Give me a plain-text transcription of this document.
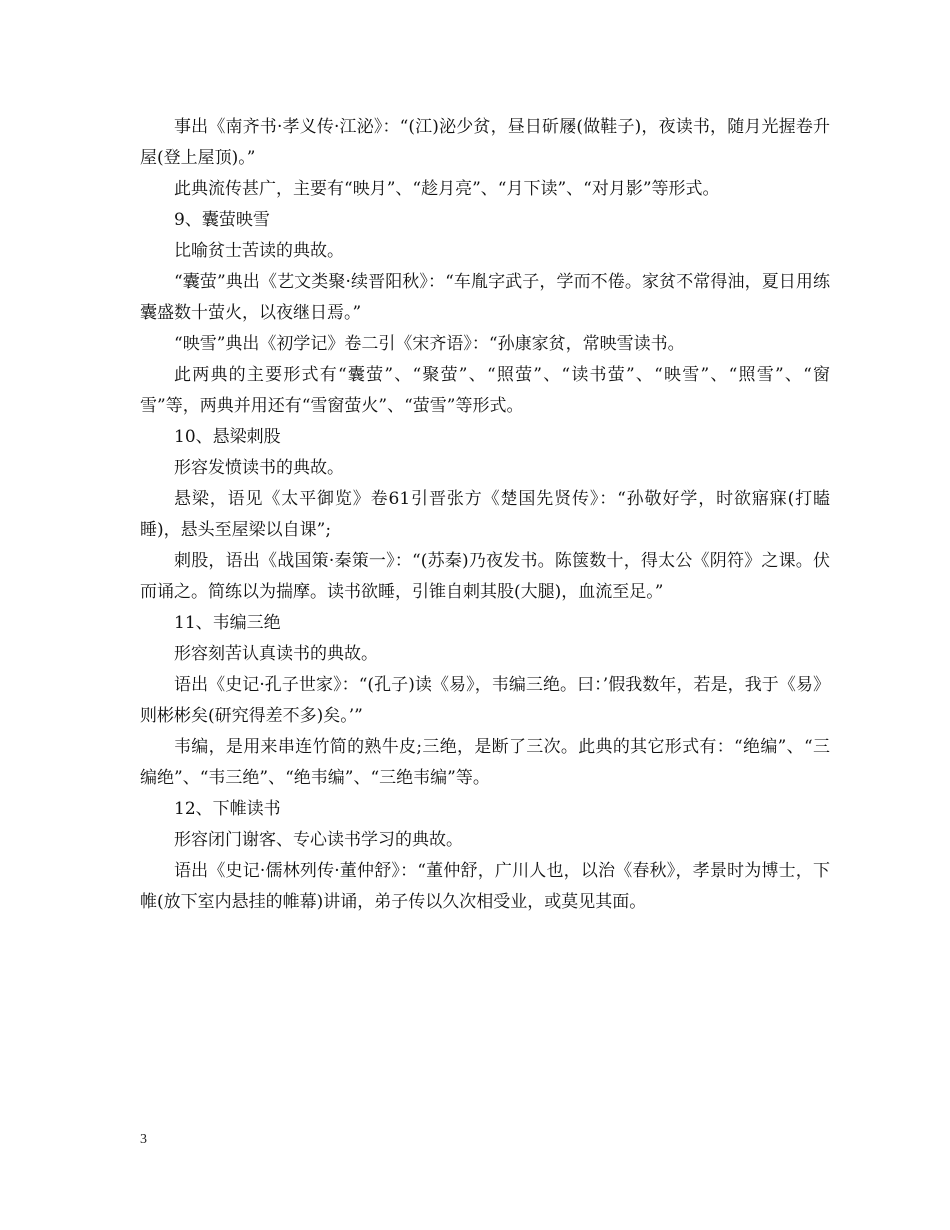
事出《南齐书·孝义传·江泌》：“(江)泌少贫，昼日斫屦(做鞋子)，夜读书，随月光握卷升屋(登上屋顶)。”

此典流传甚广，主要有“映月”、“趁月亮”、“月下读”、“对月影”等形式。

9、囊萤映雪

比喻贫士苦读的典故。

“囊萤”典出《艺文类聚·续晋阳秋》：“车胤字武子，学而不倦。家贫不常得油，夏日用练囊盛数十萤火，以夜继日焉。”

“映雪”典出《初学记》卷二引《宋齐语》：“孙康家贫，常映雪读书。

此两典的主要形式有“囊萤”、“聚萤”、“照萤”、“读书萤”、“映雪”、“照雪”、“窗雪”等，两典并用还有“雪窗萤火”、“萤雪”等形式。

10、悬梁刺股

形容发愤读书的典故。

悬梁，语见《太平御览》卷61引晋张方《楚国先贤传》：“孙敬好学，时欲寤寐(打瞌睡)，悬头至屋梁以自课”;

刺股，语出《战国策·秦策一》：“(苏秦)乃夜发书。陈箧数十，得太公《阴符》之课。伏而诵之。简练以为揣摩。读书欲睡，引锥自刺其股(大腿)，血流至足。”

11、韦编三绝

形容刻苦认真读书的典故。

语出《史记·孔子世家》：“(孔子)读《易》，韦编三绝。曰：’假我数年，若是，我于《易》则彬彬矣(研究得差不多)矣。’”

韦编，是用来串连竹简的熟牛皮;三绝，是断了三次。此典的其它形式有：“绝编”、“三编绝”、“韦三绝”、“绝韦编”、“三绝韦编”等。

12、下帷读书

形容闭门谢客、专心读书学习的典故。

语出《史记·儒林列传·董仲舒》：“董仲舒，广川人也，以治《春秋》，孝景时为博士，下帷(放下室内悬挂的帷幕)讲诵，弟子传以久次相受业，或莫见其面。

3
